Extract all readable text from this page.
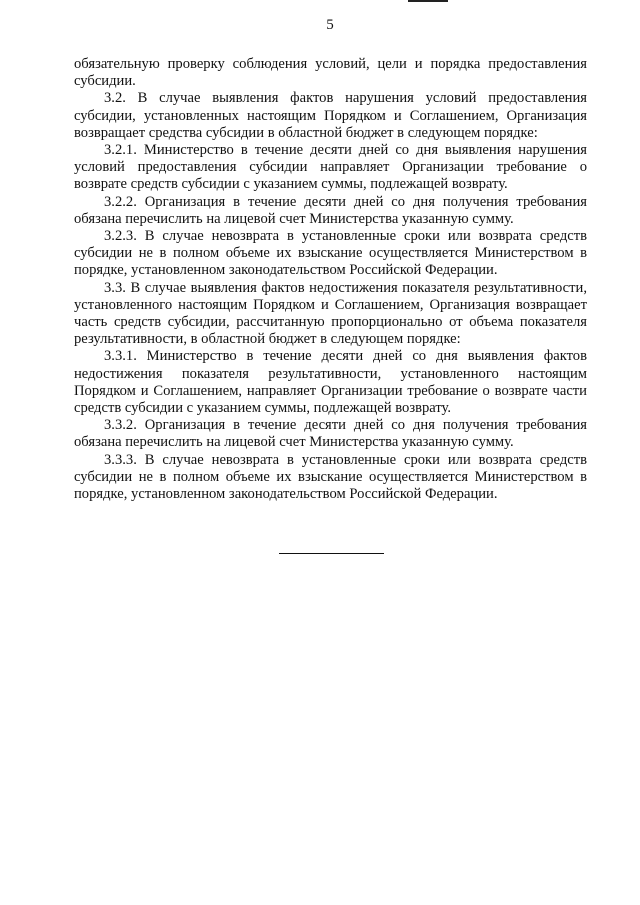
5

обязательную проверку соблюдения условий, цели и порядка предоставления субсидии.

3.2. В случае выявления фактов нарушения условий предоставления субсидии, установленных настоящим Порядком и Соглашением, Организация возвращает средства субсидии в областной бюджет в следующем порядке:

3.2.1. Министерство в течение десяти дней со дня выявления нарушения условий предоставления субсидии направляет Организации требование о возврате средств субсидии с указанием суммы, подлежащей возврату.

3.2.2. Организация в течение десяти дней со дня получения требования обязана перечислить на лицевой счет Министерства указанную сумму.

3.2.3. В случае невозврата в установленные сроки или возврата средств субсидии не в полном объеме их взыскание осуществляется Министерством в порядке, установленном законодательством Российской Федерации.

3.3. В случае выявления фактов недостижения показателя результативности, установленного настоящим Порядком и Соглашением, Организация возвращает часть средств субсидии, рассчитанную пропорционально от объема показателя результативности, в областной бюджет в следующем порядке:

3.3.1. Министерство в течение десяти дней со дня выявления фактов недостижения показателя результативности, установленного настоящим Порядком и Соглашением, направляет Организации требование о возврате части средств субсидии с указанием суммы, подлежащей возврату.

3.3.2. Организация в течение десяти дней со дня получения требования обязана перечислить на лицевой счет Министерства указанную сумму.

3.3.3. В случае невозврата в установленные сроки или возврата средств субсидии не в полном объеме их взыскание осуществляется Министерством в порядке, установленном законодательством Российской Федерации.
